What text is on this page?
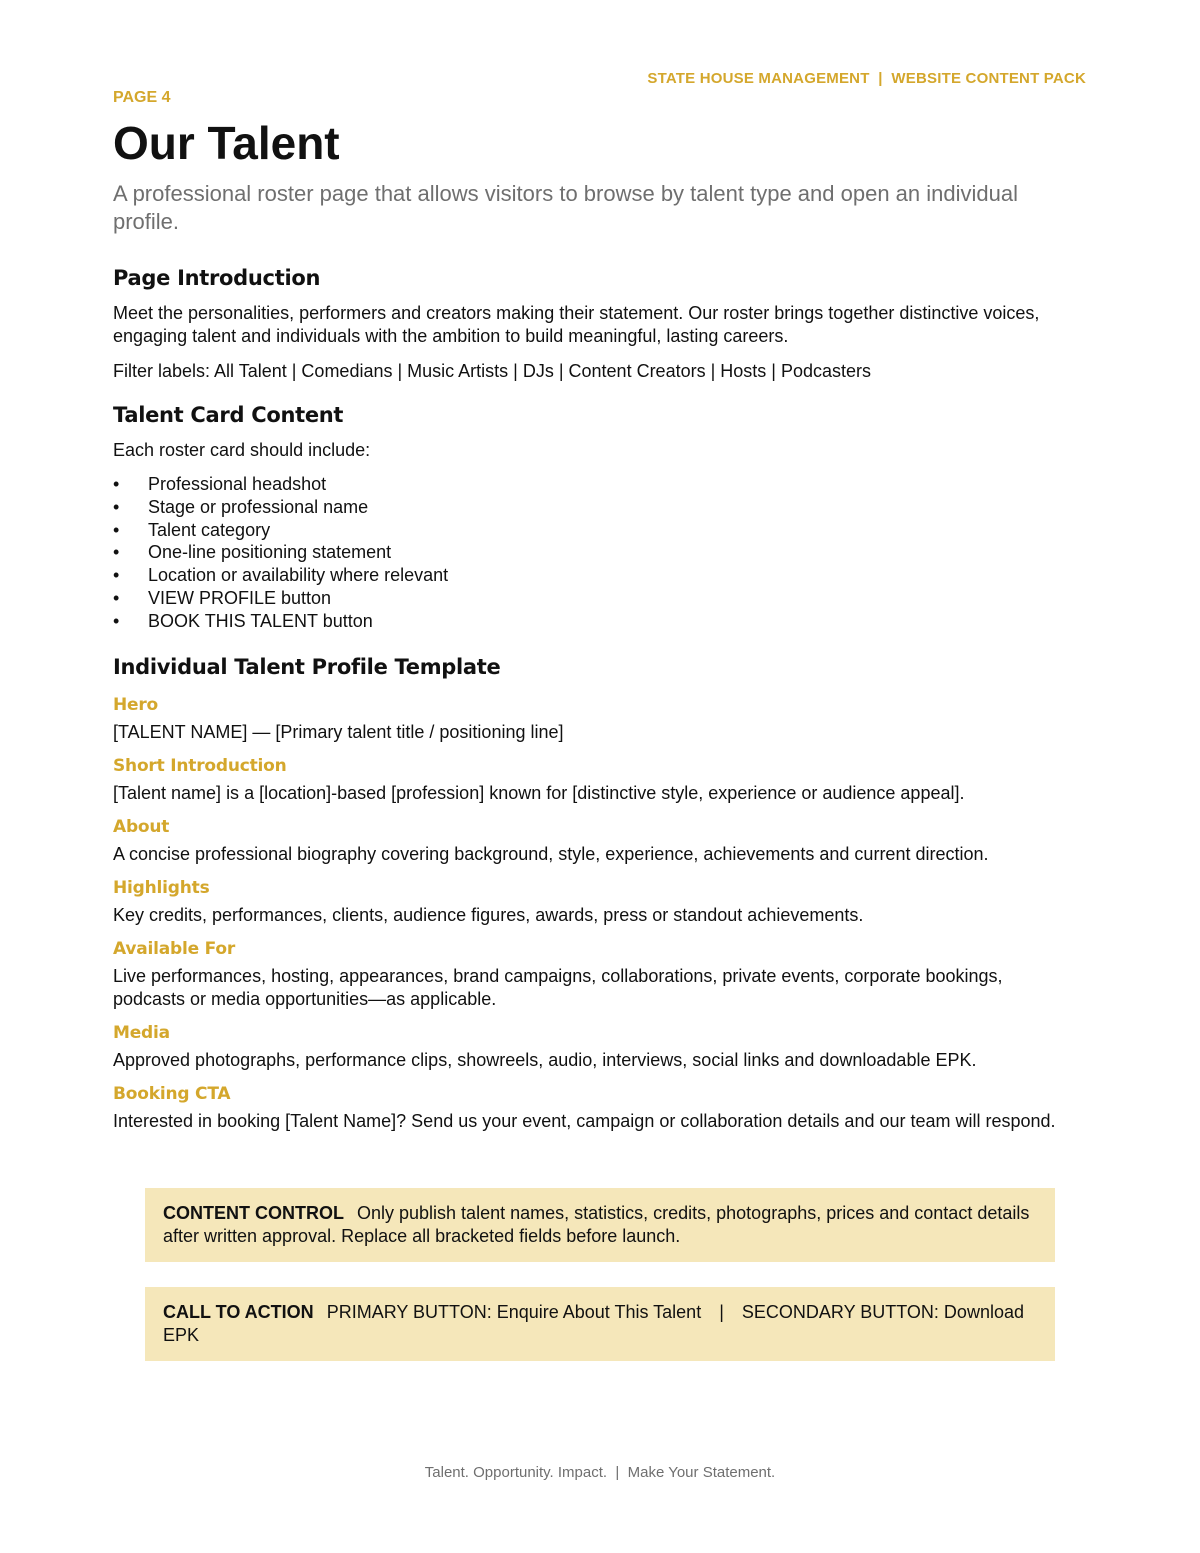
STATE HOUSE MANAGEMENT  |  WEBSITE CONTENT PACK
PAGE 4
Our Talent

A professional roster page that allows visitors to browse by talent type and open an individual profile.

Page Introduction

Meet the personalities, performers and creators making their statement. Our roster brings together distinctive voices, engaging talent and individuals with the ambition to build meaningful, lasting careers.

Filter labels: All Talent | Comedians | Music Artists | DJs | Content Creators | Hosts | Podcasters

Talent Card Content

Each roster card should include:

• Professional headshot
• Stage or professional name
• Talent category
• One-line positioning statement
• Location or availability where relevant
• VIEW PROFILE button
• BOOK THIS TALENT button
Individual Talent Profile Template
Hero

[TALENT NAME] — [Primary talent title / positioning line]

Short Introduction

[Talent name] is a [location]-based [profession] known for [distinctive style, experience or audience appeal].

About

A concise professional biography covering background, style, experience, achievements and current direction.

Highlights

Key credits, performances, clients, audience figures, awards, press or standout achievements.

Available For

Live performances, hosting, appearances, brand campaigns, collaborations, private events, corporate bookings, podcasts or media opportunities—as applicable.

Media

Approved photographs, performance clips, showreels, audio, interviews, social links and downloadable EPK.

Booking CTA

Interested in booking [Talent Name]? Send us your event, campaign or collaboration details and our team will respond.

CONTENT CONTROL Only publish talent names, statistics, credits, photographs, prices and contact details after written approval. Replace all bracketed fields before launch.
CALL TO ACTION PRIMARY BUTTON: Enquire About This Talent | SECONDARY BUTTON: Download EPK
Talent. Opportunity. Impact.  |  Make Your Statement.
